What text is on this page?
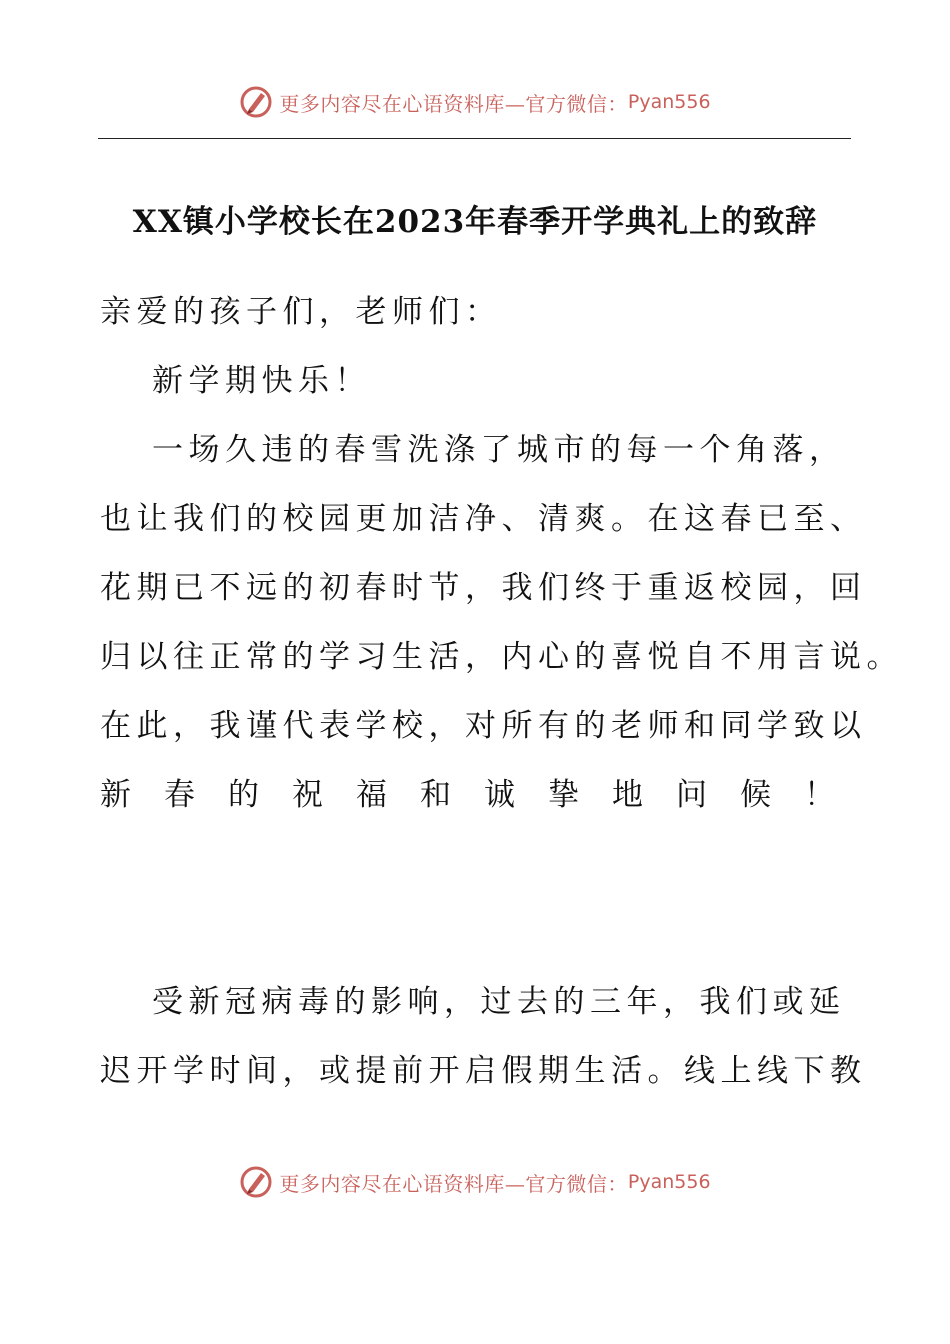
更多内容尽在心语资料库—官方微信： Pyan556
XX镇小学校长在2023年春季开学典礼上的致辞
亲爱的孩子们，老师们：
新学期快乐！
一场久违的春雪洗涤了城市的每一个角落，
也让我们的校园更加洁净、清爽。在这春已至、
花期已不远的初春时节，我们终于重返校园，回
归以往正常的学习生活，内心的喜悦自不用言说。
在此，我谨代表学校，对所有的老师和同学致以
新 春 的 祝 福 和 诚 挚 地 问 候 ！
受新冠病毒的影响，过去的三年，我们或延
迟开学时间，或提前开启假期生活。线上线下教
更多内容尽在心语资料库—官方微信： Pyan556
